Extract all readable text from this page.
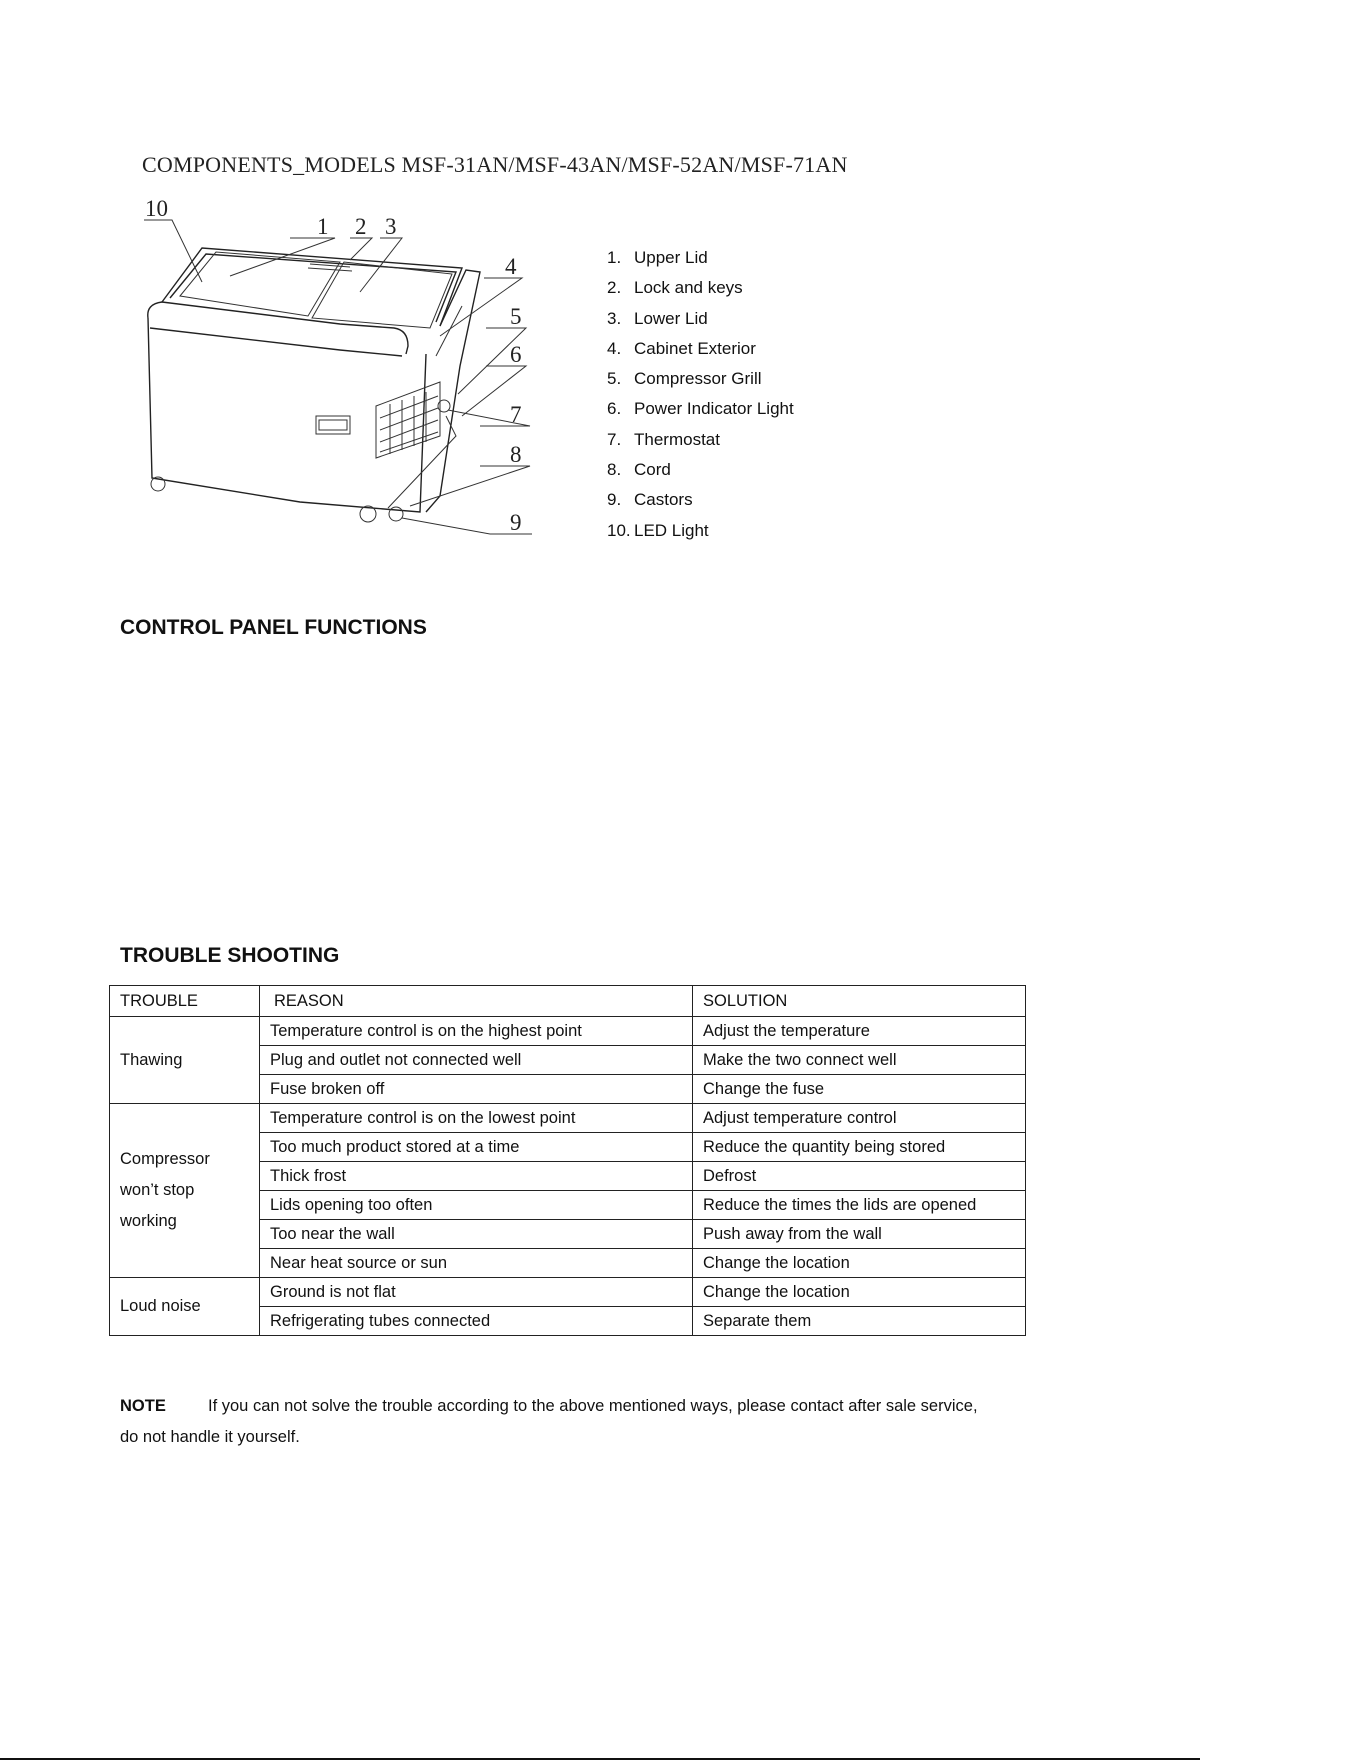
COMPONENTS_MODELS MSF-31AN/MSF-43AN/MSF-52AN/MSF-71AN
10
1 2 3
4
5
6
7
8
9
1. Upper Lid
2. Lock and keys
3. Lower Lid
4. Cabinet Exterior
5. Compressor Grill
6. Power Indicator Light
7. Thermostat
8. Cord
9. Castors
10. LED Light
CONTROL PANEL FUNCTIONS
TROUBLE SHOOTING
TROUBLE	REASON	SOLUTION

Thawing	Temperature control is on the highest point	Adjust the temperature
	Plug and outlet not connected well	Make the two connect well
	Fuse broken off	Change the fuse

Compressor
won’t stop
working	Temperature control is on the lowest point	Adjust temperature control
	Too much product stored at a time	Reduce the quantity being stored
	Thick frost	Defrost
	Lids opening too often	Reduce the times the lids are opened
	Too near the wall	Push away from the wall
	Near heat source or sun	Change the location

Loud noise	Ground is not flat	Change the location
	Refrigerating tubes connected	Separate them
NOTE	If you can not solve the trouble according to the above mentioned ways, please contact after sale service, do not handle it yourself.
